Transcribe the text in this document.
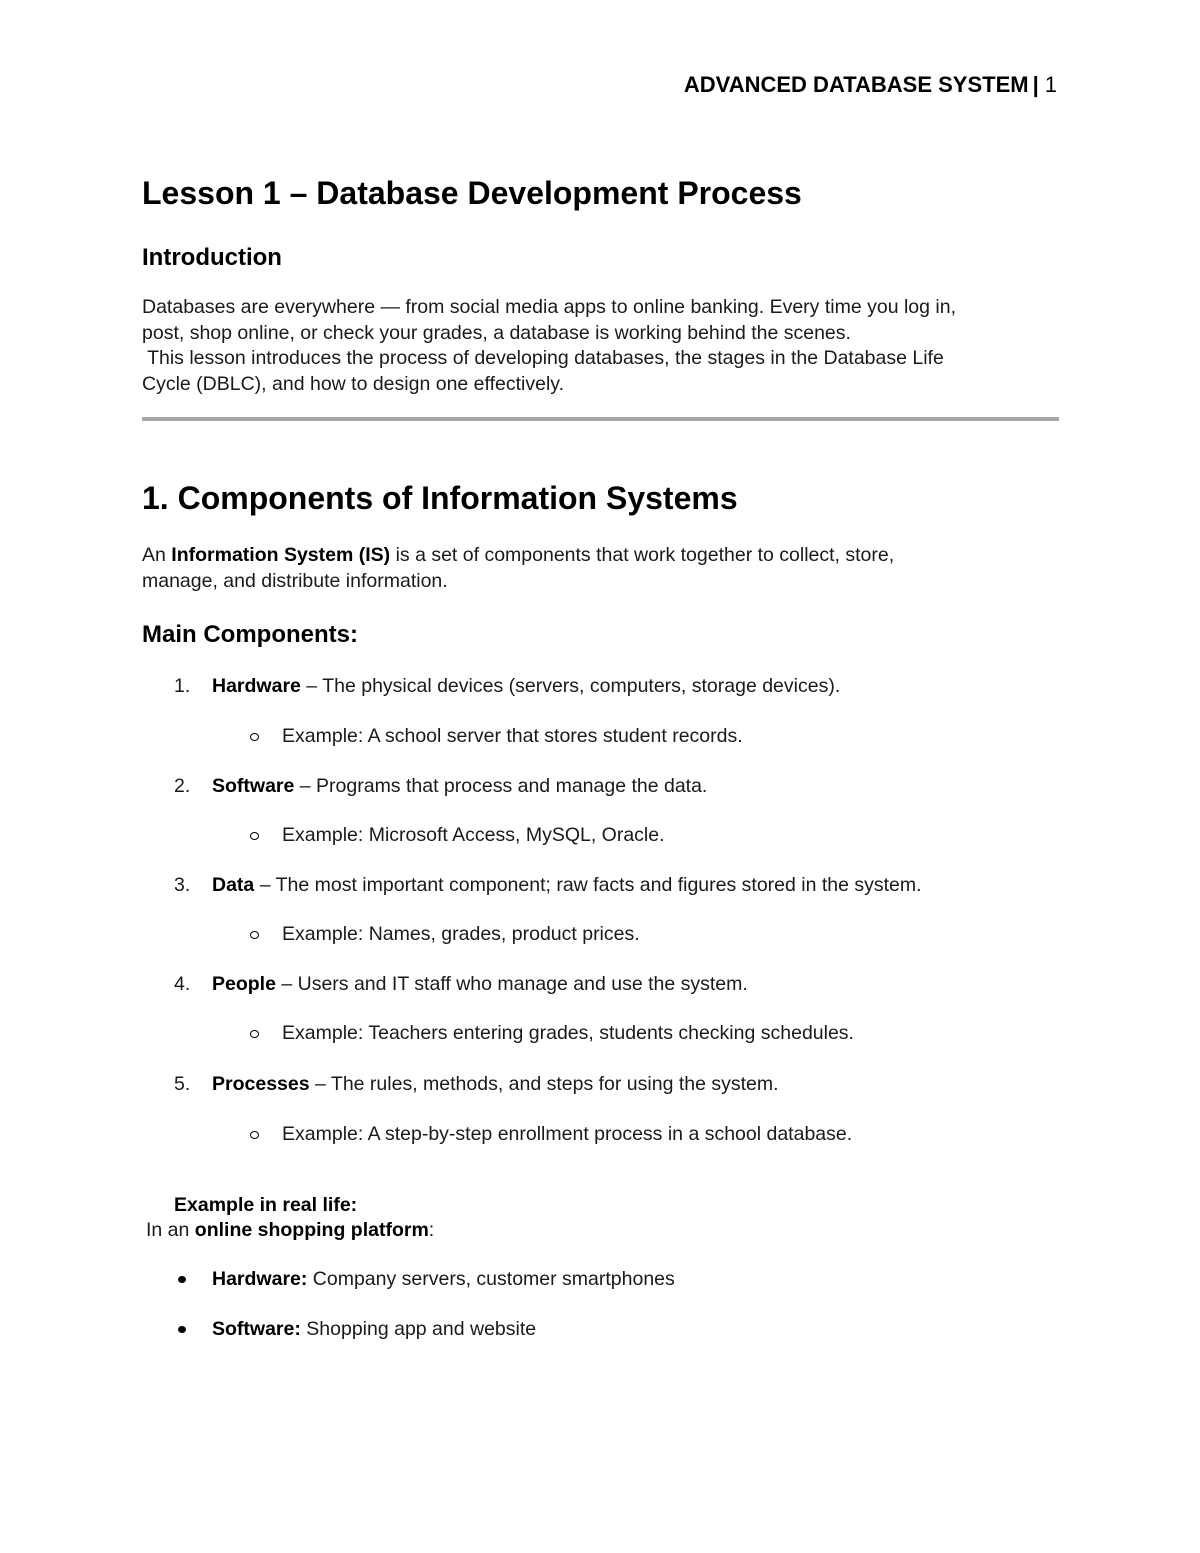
ADVANCED DATABASE SYSTEM | 1
Lesson 1 – Database Development Process
Introduction

Databases are everywhere — from social media apps to online banking. Every time you log in,
post, shop online, or check your grades, a database is working behind the scenes.
This lesson introduces the process of developing databases, the stages in the Database Life
Cycle (DBLC), and how to design one effectively.

1. Components of Information Systems

An Information System (IS) is a set of components that work together to collect, store,
manage, and distribute information.

Main Components:
1.	Hardware – The physical devices (servers, computers, storage devices).
Example: A school server that stores student records.
2.	Software – Programs that process and manage the data.
Example: Microsoft Access, MySQL, Oracle.
3.	Data – The most important component; raw facts and figures stored in the system.
Example: Names, grades, product prices.
4.	People – Users and IT staff who manage and use the system.
Example: Teachers entering grades, students checking schedules.
5.	Processes – The rules, methods, and steps for using the system.
Example: A step-by-step enrollment process in a school database.
Example in real life:
In an online shopping platform:
Hardware: Company servers, customer smartphones
Software: Shopping app and website
